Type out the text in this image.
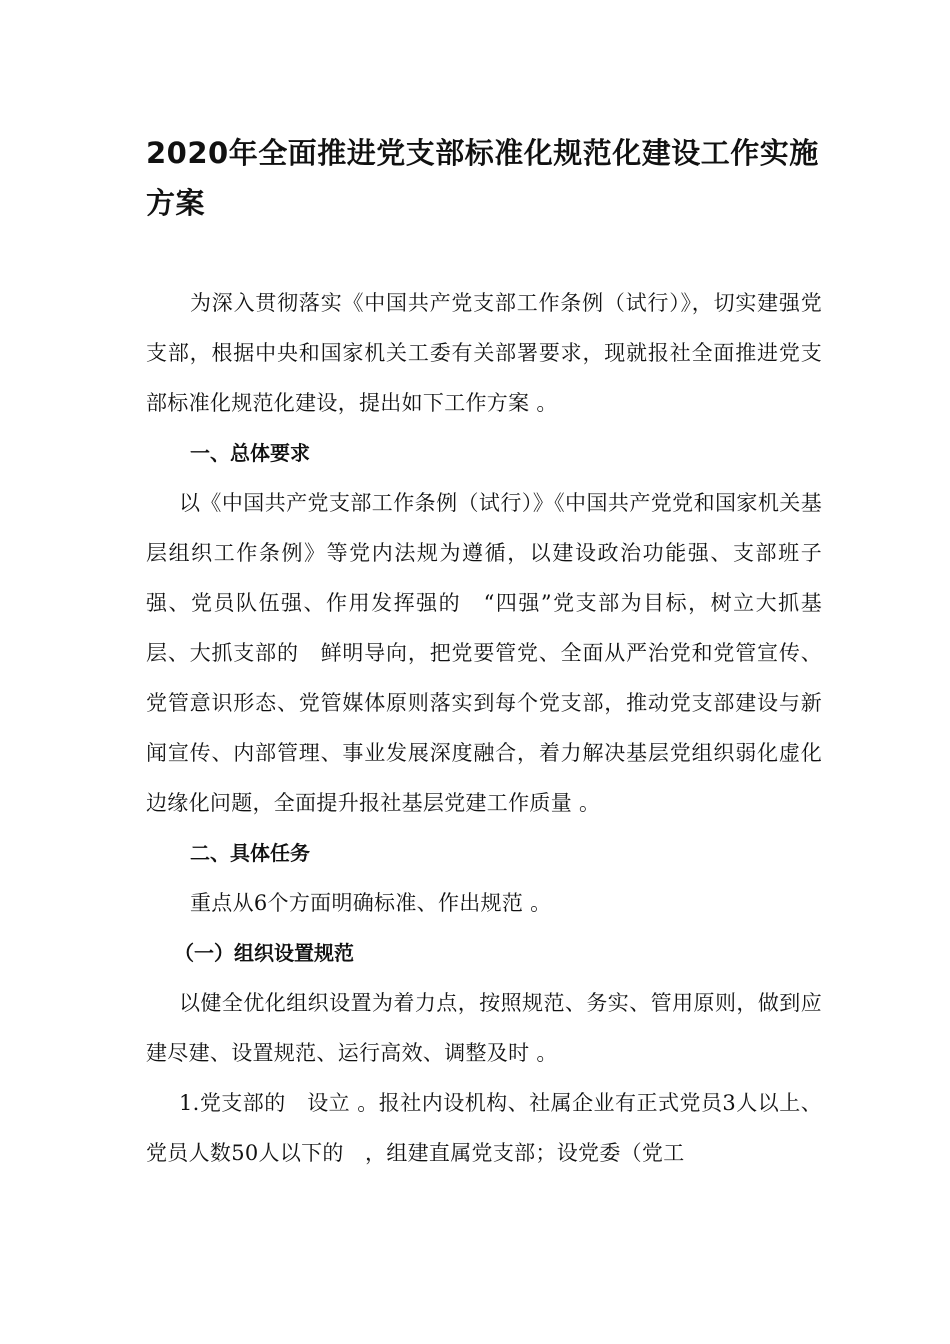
2020年全面推进党支部标准化规范化建设工作实施方案

为深入贯彻落实《中国共产党支部工作条例（试行）》，切实建强党支部，根据中央和国家机关工委有关部署要求，现就报社全面推进党支部标准化规范化建设，提出如下工作方案 。

一、总体要求

以《中国共产党支部工作条例（试行）》《中国共产党党和国家机关基层组织工作条例》等党内法规为遵循，以建设政治功能强、支部班子强、党员队伍强、作用发挥强的　“四强”党支部为目标，树立大抓基层、大抓支部的　鲜明导向，把党要管党、全面从严治党和党管宣传、党管意识形态、党管媒体原则落实到每个党支部，推动党支部建设与新闻宣传、内部管理、事业发展深度融合，着力解决基层党组织弱化虚化边缘化问题，全面提升报社基层党建工作质量 。

二、具体任务

重点从6个方面明确标准、作出规范 。

（一）组织设置规范

以健全优化组织设置为着力点，按照规范、务实、管用原则，做到应建尽建、设置规范、运行高效、调整及时 。

1.党支部的　设立 。报社内设机构、社属企业有正式党员3人以上、党员人数50人以下的　，组建直属党支部；设党委（党工
